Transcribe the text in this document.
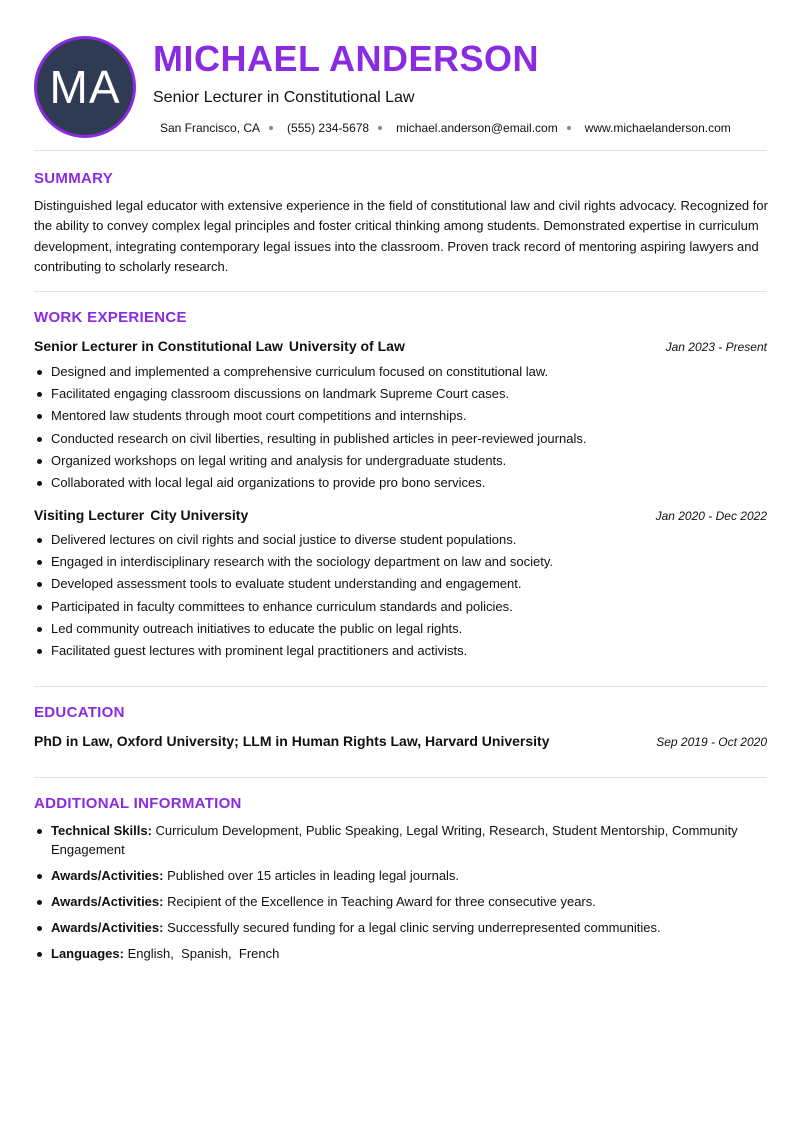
MA
MICHAEL ANDERSON
Senior Lecturer in Constitutional Law
San Francisco, CA (555) 234-5678 michael.anderson@email.com www.michaelanderson.com
SUMMARY

Distinguished legal educator with extensive experience in the field of constitutional law and civil rights advocacy. Recognized for the ability to convey complex legal principles and foster critical thinking among students. Demonstrated expertise in curriculum development, integrating contemporary legal issues into the classroom. Proven track record of mentoring aspiring lawyers and contributing to scholarly research.

WORK EXPERIENCE
Senior Lecturer in Constitutional Law University of Law	Jan 2023 - Present
Designed and implemented a comprehensive curriculum focused on constitutional law.
Facilitated engaging classroom discussions on landmark Supreme Court cases.
Mentored law students through moot court competitions and internships.
Conducted research on civil liberties, resulting in published articles in peer-reviewed journals.
Organized workshops on legal writing and analysis for undergraduate students.
Collaborated with local legal aid organizations to provide pro bono services.
Visiting Lecturer City University	Jan 2020 - Dec 2022
Delivered lectures on civil rights and social justice to diverse student populations.
Engaged in interdisciplinary research with the sociology department on law and society.
Developed assessment tools to evaluate student understanding and engagement.
Participated in faculty committees to enhance curriculum standards and policies.
Led community outreach initiatives to educate the public on legal rights.
Facilitated guest lectures with prominent legal practitioners and activists.
EDUCATION
PhD in Law, Oxford University; LLM in Human Rights Law, Harvard University	Sep 2019 - Oct 2020
ADDITIONAL INFORMATION
Technical Skills: Curriculum Development, Public Speaking, Legal Writing, Research, Student Mentorship, Community Engagement
Awards/Activities: Published over 15 articles in leading legal journals.
Awards/Activities: Recipient of the Excellence in Teaching Award for three consecutive years.
Awards/Activities: Successfully secured funding for a legal clinic serving underrepresented communities.
Languages: English,  Spanish,  French
